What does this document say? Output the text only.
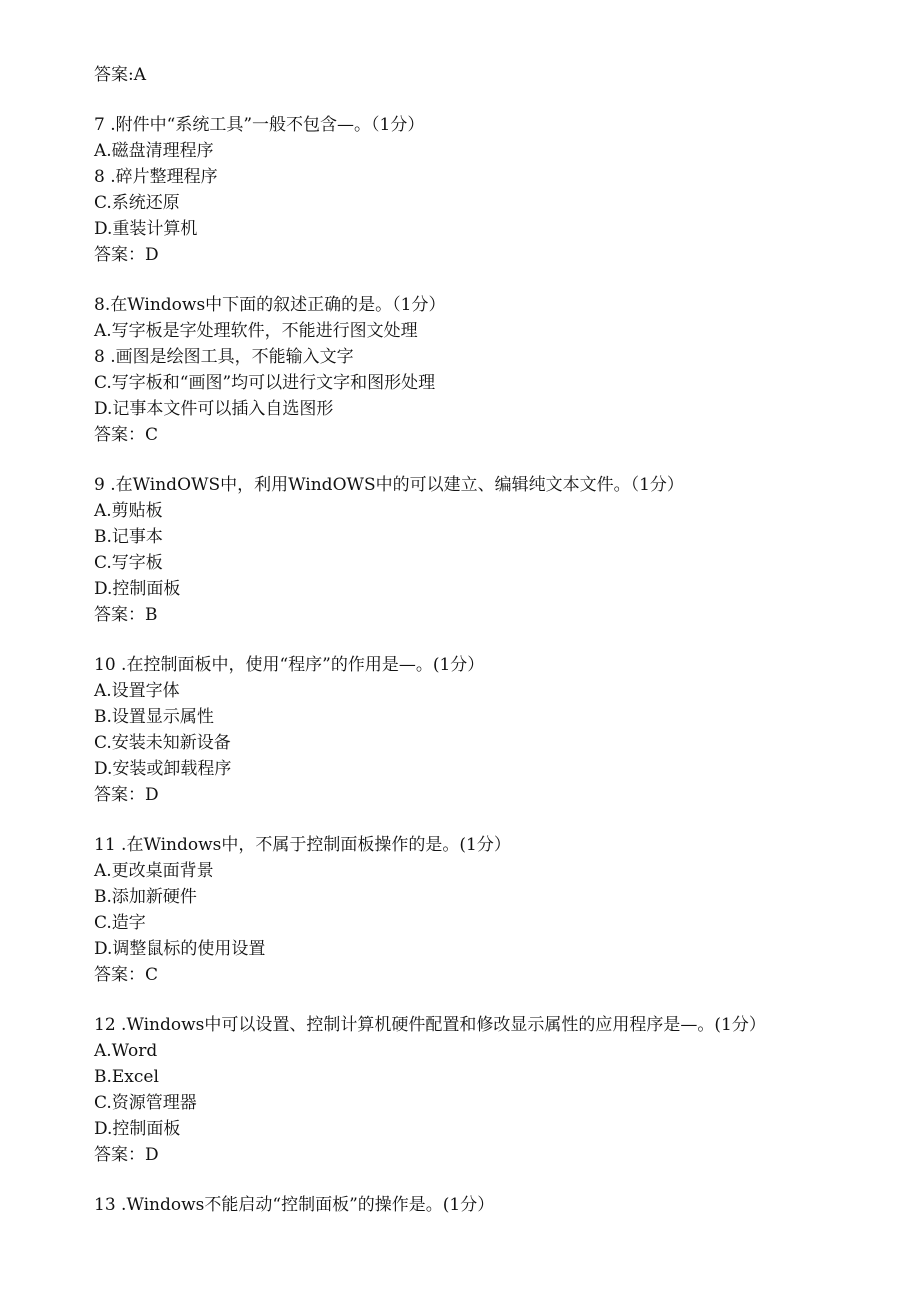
答案:A
7 .附件中“系统工具”一般不包含—。（1分）
A.磁盘清理程序
8 .碎片整理程序
C.系统还原
D.重装计算机
答案：D
8.在Windows中下面的叙述正确的是。（1分）
A.写字板是字处理软件，不能进行图文处理
8 .画图是绘图工具，不能输入文字
C.写字板和“画图”均可以进行文字和图形处理
D.记事本文件可以插入自选图形
答案：C
9 .在WindOWS中，利用WindOWS中的可以建立、编辑纯文本文件。（1分）
A.剪贴板
B.记事本
C.写字板
D.控制面板
答案：B
10 .在控制面板中，使用“程序”的作用是—。(1分）
A.设置字体
B.设置显示属性
C.安装未知新设备
D.安装或卸载程序
答案：D
11 .在Windows中，不属于控制面板操作的是。(1分）
A.更改桌面背景
B.添加新硬件
C.造字
D.调整鼠标的使用设置
答案：C
12 .Windows中可以设置、控制计算机硬件配置和修改显示属性的应用程序是—。(1分）
A.Word
B.Excel
C.资源管理器
D.控制面板
答案：D
13 .Windows不能启动“控制面板”的操作是。(1分）
